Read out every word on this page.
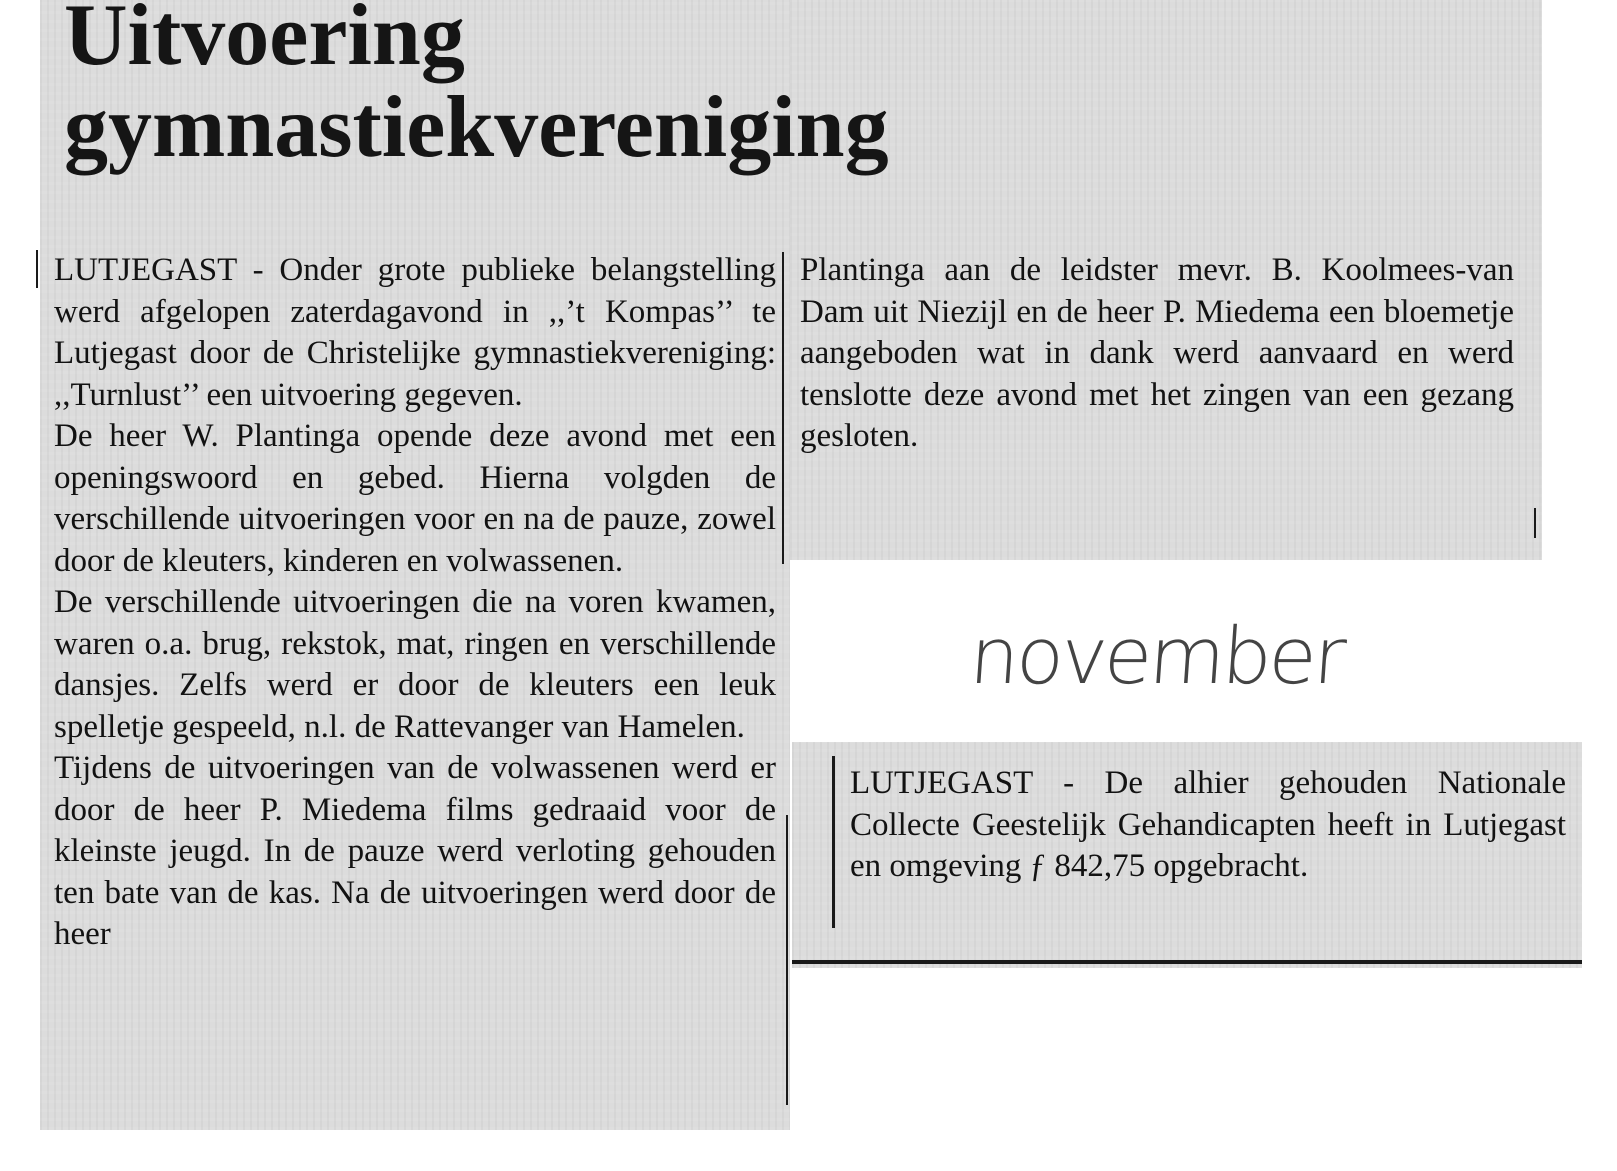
Uitvoering
gymnastiekvereniging

LUTJEGAST - Onder grote publieke belangstelling werd afgelopen zaterdagavond in ,,’t Kompas’’ te Lutjegast door de Christelijke gymnastiekvereniging: ,,Turnlust’’ een uitvoering gegeven.

De heer W. Plantinga opende deze avond met een openingswoord en gebed. Hierna volgden de verschillende uitvoeringen voor en na de pauze, zowel door de kleuters, kinderen en volwassenen.

De verschillende uitvoeringen die na voren kwamen, waren o.a. brug, rekstok, mat, ringen en verschillende dansjes. Zelfs werd er door de kleuters een leuk spelletje gespeeld, n.l. de Rattevanger van Hamelen.

Tijdens de uitvoeringen van de volwassenen werd er door de heer P. Miedema films gedraaid voor de kleinste jeugd. In de pauze werd verloting gehouden ten bate van de kas. Na de uitvoeringen werd door de heer

Plantinga aan de leidster mevr. B. Koolmees-van Dam uit Niezijl en de heer P. Miedema een bloemetje aangeboden wat in dank werd aanvaard en werd tenslotte deze avond met het zingen van een gezang gesloten.

november

LUTJEGAST - De alhier gehouden Nationale Collecte Geestelijk Gehandicapten heeft in Lutjegast en omgeving ƒ 842,75 opgebracht.
